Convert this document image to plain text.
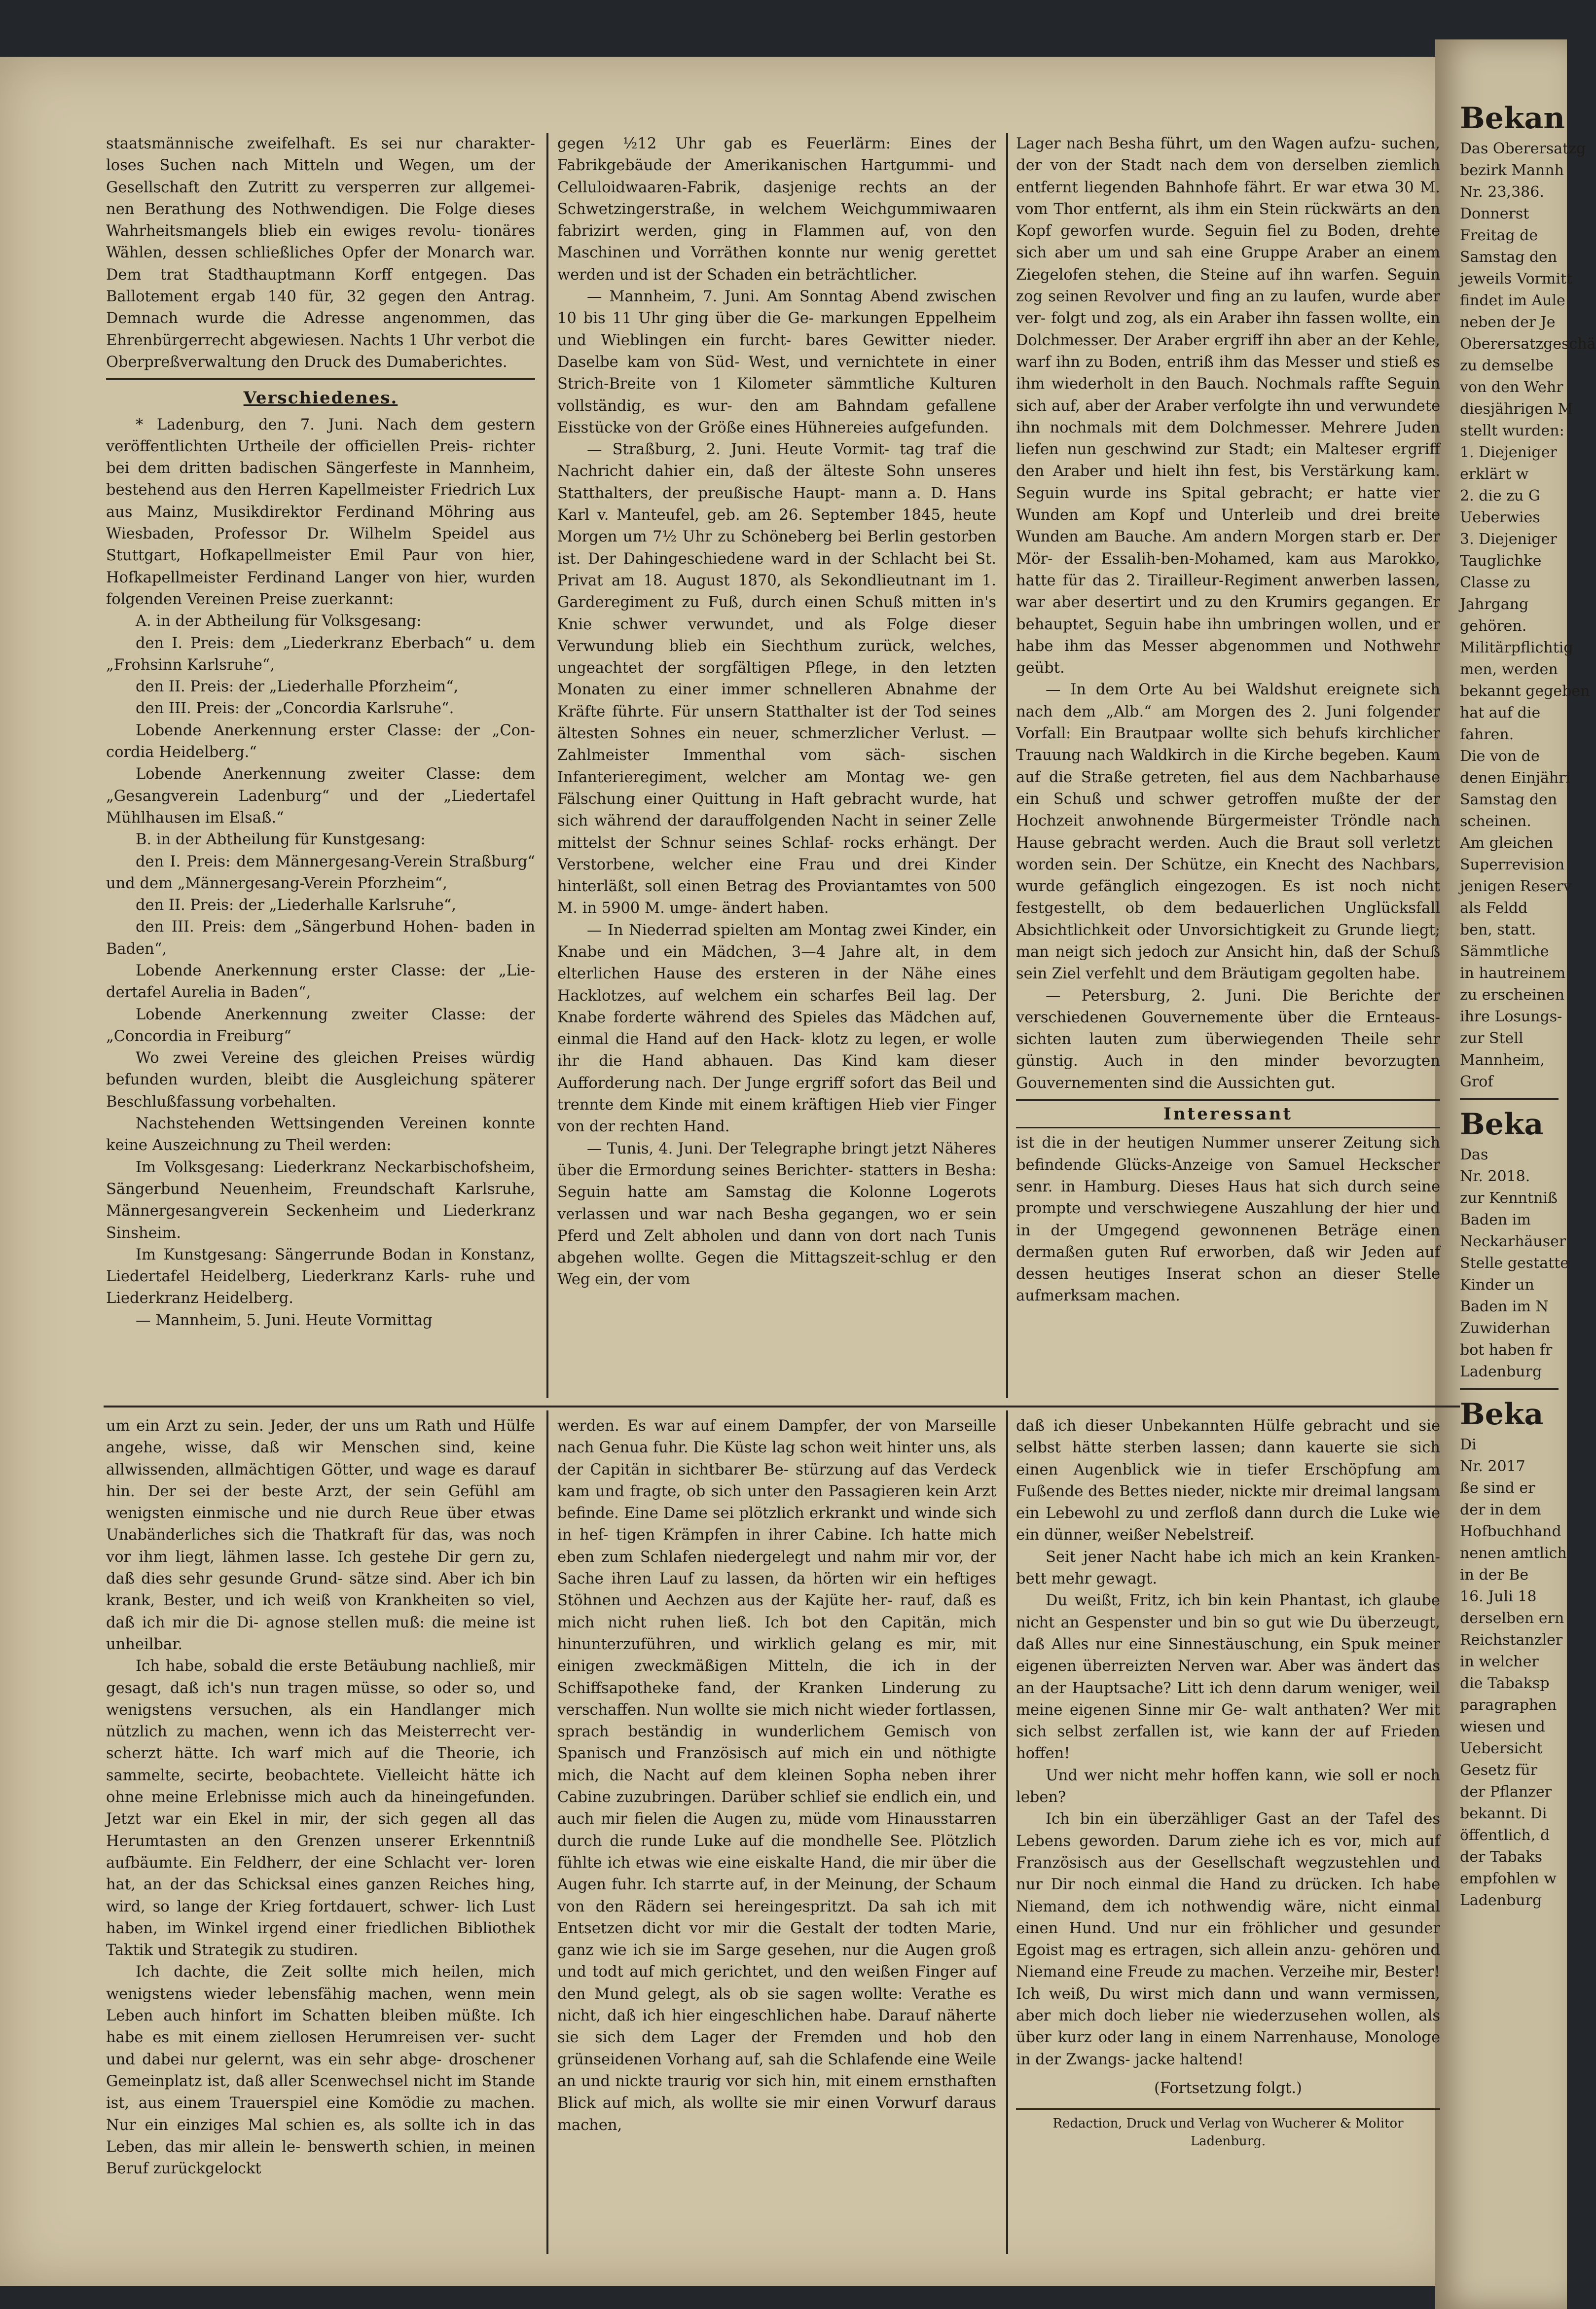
staatsmännische zweifelhaft. Es sei nur charakter- loses Suchen nach Mitteln und Wegen, um der Gesellschaft den Zutritt zu versperren zur allgemei- nen Berathung des Nothwendigen. Die Folge dieses Wahrheitsmangels blieb ein ewiges revolu- tionäres Wählen, dessen schließliches Opfer der Monarch war. Dem trat Stadthauptmann Korff entgegen. Das Ballotement ergab 140 für, 32 gegen den Antrag. Demnach wurde die Adresse angenommen, das Ehrenbürgerrecht abgewiesen. Nachts 1 Uhr verbot die Oberpreßverwaltung den Druck des Dumaberichtes.

Verschiedenes.

* Ladenburg, den 7. Juni. Nach dem gestern veröffentlichten Urtheile der officiellen Preis- richter bei dem dritten badischen Sängerfeste in Mannheim, bestehend aus den Herren Kapellmeister Friedrich Lux aus Mainz, Musikdirektor Ferdinand Möhring aus Wiesbaden, Professor Dr. Wilhelm Speidel aus Stuttgart, Hofkapellmeister Emil Paur von hier, Hofkapellmeister Ferdinand Langer von hier, wurden folgenden Vereinen Preise zuerkannt:

A. in der Abtheilung für Volksgesang:

den I. Preis: dem „Liederkranz Eberbach“ u. dem „Frohsinn Karlsruhe“,

den II. Preis: der „Liederhalle Pforzheim“,

den III. Preis: der „Concordia Karlsruhe“.

Lobende Anerkennung erster Classe: der „Con- cordia Heidelberg.“

Lobende Anerkennung zweiter Classe: dem „Gesangverein Ladenburg“ und der „Liedertafel Mühlhausen im Elsaß.“

B. in der Abtheilung für Kunstgesang:

den I. Preis: dem Männergesang-Verein Straßburg“ und dem „Männergesang-Verein Pforzheim“,

den II. Preis: der „Liederhalle Karlsruhe“,

den III. Preis: dem „Sängerbund Hohen- baden in Baden“,

Lobende Anerkennung erster Classe: der „Lie- dertafel Aurelia in Baden“,

Lobende Anerkennung zweiter Classe: der „Concordia in Freiburg“

Wo zwei Vereine des gleichen Preises würdig befunden wurden, bleibt die Ausgleichung späterer Beschlußfassung vorbehalten.

Nachstehenden Wettsingenden Vereinen konnte keine Auszeichnung zu Theil werden:

Im Volksgesang: Liederkranz Neckarbischofsheim, Sängerbund Neuenheim, Freundschaft Karlsruhe, Männergesangverein Seckenheim und Liederkranz Sinsheim.

Im Kunstgesang: Sängerrunde Bodan in Konstanz, Liedertafel Heidelberg, Liederkranz Karls- ruhe und Liederkranz Heidelberg.

— Mannheim, 5. Juni. Heute Vormittag

gegen ½12 Uhr gab es Feuerlärm: Eines der Fabrikgebäude der Amerikanischen Hartgummi- und Celluloidwaaren-Fabrik, dasjenige rechts an der Schwetzingerstraße, in welchem Weichgummiwaaren fabrizirt werden, ging in Flammen auf, von den Maschinen und Vorräthen konnte nur wenig gerettet werden und ist der Schaden ein beträchtlicher.

— Mannheim, 7. Juni. Am Sonntag Abend zwischen 10 bis 11 Uhr ging über die Ge- markungen Eppelheim und Wieblingen ein furcht- bares Gewitter nieder. Daselbe kam von Süd- West, und vernichtete in einer Strich-Breite von 1 Kilometer sämmtliche Kulturen vollständig, es wur- den am Bahndam gefallene Eisstücke von der Größe eines Hühnereies aufgefunden.

— Straßburg, 2. Juni. Heute Vormit- tag traf die Nachricht dahier ein, daß der älteste Sohn unseres Statthalters, der preußische Haupt- mann a. D. Hans Karl v. Manteufel, geb. am 26. September 1845, heute Morgen um 7½ Uhr zu Schöneberg bei Berlin gestorben ist. Der Dahingeschiedene ward in der Schlacht bei St. Privat am 18. August 1870, als Sekondlieutnant im 1. Garderegiment zu Fuß, durch einen Schuß mitten in's Knie schwer verwundet, und als Folge dieser Verwundung blieb ein Siechthum zurück, welches, ungeachtet der sorgfältigen Pflege, in den letzten Monaten zu einer immer schnelleren Abnahme der Kräfte führte. Für unsern Statthalter ist der Tod seines ältesten Sohnes ein neuer, schmerzlicher Verlust. — Zahlmeister Immenthal vom säch- sischen Infanterieregiment, welcher am Montag we- gen Fälschung einer Quittung in Haft gebracht wurde, hat sich während der darauffolgenden Nacht in seiner Zelle mittelst der Schnur seines Schlaf- rocks erhängt. Der Verstorbene, welcher eine Frau und drei Kinder hinterläßt, soll einen Betrag des Proviantamtes von 500 M. in 5900 M. umge- ändert haben.

— In Niederrad spielten am Montag zwei Kinder, ein Knabe und ein Mädchen, 3—4 Jahre alt, in dem elterlichen Hause des ersteren in der Nähe eines Hacklotzes, auf welchem ein scharfes Beil lag. Der Knabe forderte während des Spieles das Mädchen auf, einmal die Hand auf den Hack- klotz zu legen, er wolle ihr die Hand abhauen. Das Kind kam dieser Aufforderung nach. Der Junge ergriff sofort das Beil und trennte dem Kinde mit einem kräftigen Hieb vier Finger von der rechten Hand.

— Tunis, 4. Juni. Der Telegraphe bringt jetzt Näheres über die Ermordung seines Berichter- statters in Besha: Seguin hatte am Samstag die Kolonne Logerots verlassen und war nach Besha gegangen, wo er sein Pferd und Zelt abholen und dann von dort nach Tunis abgehen wollte. Gegen die Mittagszeit-schlug er den Weg ein, der vom

Lager nach Besha führt, um den Wagen aufzu- suchen, der von der Stadt nach dem von derselben ziemlich entfernt liegenden Bahnhofe fährt. Er war etwa 30 M. vom Thor entfernt, als ihm ein Stein rückwärts an den Kopf geworfen wurde. Seguin fiel zu Boden, drehte sich aber um und sah eine Gruppe Araber an einem Ziegelofen stehen, die Steine auf ihn warfen. Seguin zog seinen Revolver und fing an zu laufen, wurde aber ver- folgt und zog, als ein Araber ihn fassen wollte, ein Dolchmesser. Der Araber ergriff ihn aber an der Kehle, warf ihn zu Boden, entriß ihm das Messer und stieß es ihm wiederholt in den Bauch. Nochmals raffte Seguin sich auf, aber der Araber verfolgte ihn und verwundete ihn nochmals mit dem Dolchmesser. Mehrere Juden liefen nun geschwind zur Stadt; ein Malteser ergriff den Araber und hielt ihn fest, bis Verstärkung kam. Seguin wurde ins Spital gebracht; er hatte vier Wunden am Kopf und Unterleib und drei breite Wunden am Bauche. Am andern Morgen starb er. Der Mör- der Essalih-ben-Mohamed, kam aus Marokko, hatte für das 2. Tirailleur-Regiment anwerben lassen, war aber desertirt und zu den Krumirs gegangen. Er behauptet, Seguin habe ihn umbringen wollen, und er habe ihm das Messer abgenommen und Nothwehr geübt.

— In dem Orte Au bei Waldshut ereignete sich nach dem „Alb.“ am Morgen des 2. Juni folgender Vorfall: Ein Brautpaar wollte sich behufs kirchlicher Trauung nach Waldkirch in die Kirche begeben. Kaum auf die Straße getreten, fiel aus dem Nachbarhause ein Schuß und schwer getroffen mußte der der Hochzeit anwohnende Bürgermeister Tröndle nach Hause gebracht werden. Auch die Braut soll verletzt worden sein. Der Schütze, ein Knecht des Nachbars, wurde gefänglich eingezogen. Es ist noch nicht festgestellt, ob dem bedauerlichen Unglücksfall Absichtlichkeit oder Unvorsichtigkeit zu Grunde liegt; man neigt sich jedoch zur Ansicht hin, daß der Schuß sein Ziel verfehlt und dem Bräutigam gegolten habe.

— Petersburg, 2. Juni. Die Berichte der verschiedenen Gouvernemente über die Ernteaus- sichten lauten zum überwiegenden Theile sehr günstig. Auch in den minder bevorzugten Gouvernementen sind die Aussichten gut.

Interessant

ist die in der heutigen Nummer unserer Zeitung sich befindende Glücks-Anzeige von Samuel Heckscher senr. in Hamburg. Dieses Haus hat sich durch seine prompte und verschwiegene Auszahlung der hier und in der Umgegend gewonnenen Beträge einen dermaßen guten Ruf erworben, daß wir Jeden auf dessen heutiges Inserat schon an dieser Stelle aufmerksam machen.

um ein Arzt zu sein. Jeder, der uns um Rath und Hülfe angehe, wisse, daß wir Menschen sind, keine allwissenden, allmächtigen Götter, und wage es darauf hin. Der sei der beste Arzt, der sein Gefühl am wenigsten einmische und nie durch Reue über etwas Unabänderliches sich die Thatkraft für das, was noch vor ihm liegt, lähmen lasse. Ich gestehe Dir gern zu, daß dies sehr gesunde Grund- sätze sind. Aber ich bin krank, Bester, und ich weiß von Krankheiten so viel, daß ich mir die Di- agnose stellen muß: die meine ist unheilbar.

Ich habe, sobald die erste Betäubung nachließ, mir gesagt, daß ich's nun tragen müsse, so oder so, und wenigstens versuchen, als ein Handlanger mich nützlich zu machen, wenn ich das Meisterrecht ver- scherzt hätte. Ich warf mich auf die Theorie, ich sammelte, secirte, beobachtete. Vielleicht hätte ich ohne meine Erlebnisse mich auch da hineingefunden. Jetzt war ein Ekel in mir, der sich gegen all das Herumtasten an den Grenzen unserer Erkenntniß aufbäumte. Ein Feldherr, der eine Schlacht ver- loren hat, an der das Schicksal eines ganzen Reiches hing, wird, so lange der Krieg fortdauert, schwer- lich Lust haben, im Winkel irgend einer friedlichen Bibliothek Taktik und Strategik zu studiren.

Ich dachte, die Zeit sollte mich heilen, mich wenigstens wieder lebensfähig machen, wenn mein Leben auch hinfort im Schatten bleiben müßte. Ich habe es mit einem ziellosen Herumreisen ver- sucht und dabei nur gelernt, was ein sehr abge- droschener Gemeinplatz ist, daß aller Scenwechsel nicht im Stande ist, aus einem Trauerspiel eine Komödie zu machen. Nur ein einziges Mal schien es, als sollte ich in das Leben, das mir allein le- benswerth schien, in meinen Beruf zurückgelockt

werden. Es war auf einem Dampfer, der von Marseille nach Genua fuhr. Die Küste lag schon weit hinter uns, als der Capitän in sichtbarer Be- stürzung auf das Verdeck kam und fragte, ob sich unter den Passagieren kein Arzt befinde. Eine Dame sei plötzlich erkrankt und winde sich in hef- tigen Krämpfen in ihrer Cabine. Ich hatte mich eben zum Schlafen niedergelegt und nahm mir vor, der Sache ihren Lauf zu lassen, da hörten wir ein heftiges Stöhnen und Aechzen aus der Kajüte her- rauf, daß es mich nicht ruhen ließ. Ich bot den Capitän, mich hinunterzuführen, und wirklich gelang es mir, mit einigen zweckmäßigen Mitteln, die ich in der Schiffsapotheke fand, der Kranken Linderung zu verschaffen. Nun wollte sie mich nicht wieder fortlassen, sprach beständig in wunderlichem Gemisch von Spanisch und Französisch auf mich ein und nöthigte mich, die Nacht auf dem kleinen Sopha neben ihrer Cabine zuzubringen. Darüber schlief sie endlich ein, und auch mir fielen die Augen zu, müde vom Hinausstarren durch die runde Luke auf die mondhelle See. Plötzlich fühlte ich etwas wie eine eiskalte Hand, die mir über die Augen fuhr. Ich starrte auf, in der Meinung, der Schaum von den Rädern sei hereingespritzt. Da sah ich mit Entsetzen dicht vor mir die Gestalt der todten Marie, ganz wie ich sie im Sarge gesehen, nur die Augen groß und todt auf mich gerichtet, und den weißen Finger auf den Mund gelegt, als ob sie sagen wollte: Verathe es nicht, daß ich hier eingeschlichen habe. Darauf näherte sie sich dem Lager der Fremden und hob den grünseidenen Vorhang auf, sah die Schlafende eine Weile an und nickte traurig vor sich hin, mit einem ernsthaften Blick auf mich, als wollte sie mir einen Vorwurf daraus machen,

daß ich dieser Unbekannten Hülfe gebracht und sie selbst hätte sterben lassen; dann kauerte sie sich einen Augenblick wie in tiefer Erschöpfung am Fußende des Bettes nieder, nickte mir dreimal langsam ein Lebewohl zu und zerfloß dann durch die Luke wie ein dünner, weißer Nebelstreif.

Seit jener Nacht habe ich mich an kein Kranken- bett mehr gewagt.

Du weißt, Fritz, ich bin kein Phantast, ich glaube nicht an Gespenster und bin so gut wie Du überzeugt, daß Alles nur eine Sinnestäuschung, ein Spuk meiner eigenen überreizten Nerven war. Aber was ändert das an der Hauptsache? Litt ich denn darum weniger, weil meine eigenen Sinne mir Ge- walt anthaten? Wer mit sich selbst zerfallen ist, wie kann der auf Frieden hoffen!

Und wer nicht mehr hoffen kann, wie soll er noch leben?

Ich bin ein überzähliger Gast an der Tafel des Lebens geworden. Darum ziehe ich es vor, mich auf Französisch aus der Gesellschaft wegzustehlen und nur Dir noch einmal die Hand zu drücken. Ich habe Niemand, dem ich nothwendig wäre, nicht einmal einen Hund. Und nur ein fröhlicher und gesunder Egoist mag es ertragen, sich allein anzu- gehören und Niemand eine Freude zu machen. Verzeihe mir, Bester! Ich weiß, Du wirst mich dann und wann vermissen, aber mich doch lieber nie wiederzusehen wollen, als über kurz oder lang in einem Narrenhause, Monologe in der Zwangs- jacke haltend!

(Fortsetzung folgt.)

Redaction, Druck und Verlag von Wucherer & Molitor
Ladenburg.
Bekan
Das Oberersatzg
bezirk Mannh
Nr. 23,386.
Donnerst
Freitag de
Samstag den
jeweils Vormitt
findet im Aule
neben der Je
Oberersatzgeschä
zu demselbe
von den Wehr
diesjährigen M
stellt wurden:
1. Diejeniger
erklärt w
2. die zu G
Ueberwies
3. Diejeniger
Tauglichke
Classe zu
Jahrgang
gehören.
Militärpflichtig
men, werden
bekannt gegeben
hat auf die
fahren.
Die von de
denen Einjähri
Samstag den
scheinen.
Am gleichen
Superrevision
jenigen Reserv
als Feldd
ben, statt.
Sämmtliche
in hautreinem
zu erscheinen
ihre Losungs-
zur Stell
Mannheim,
Grof
Beka
Das
Nr. 2018.
zur Kenntniß
Baden im
Neckarhäuser
Stelle gestatte
Kinder un
Baden im N
Zuwiderhan
bot haben fr
Ladenburg
Beka
Di
Nr. 2017
ße sind er
der in dem
Hofbuchhand
nenen amtlich
in der Be
16. Juli 18
derselben ern
Reichstanzler
in welcher
die Tabaksp
paragraphen
wiesen und
Uebersicht
Gesetz für
der Pflanzer
bekannt. Di
öffentlich, d
der Tabaks
empfohlen w
Ladenburg
